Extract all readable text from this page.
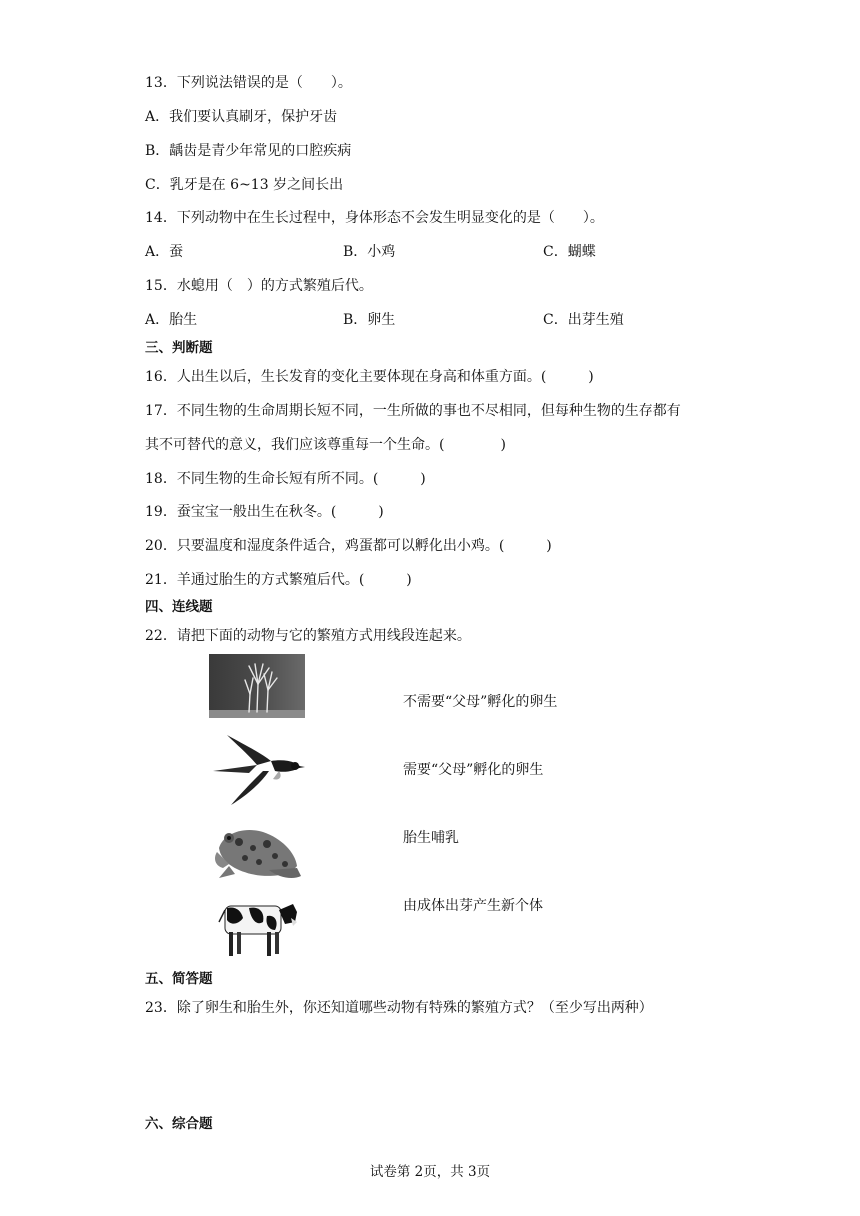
13．下列说法错误的是（　　）。
A．我们要认真刷牙，保护牙齿
B．龋齿是青少年常见的口腔疾病
C．乳牙是在 6~13 岁之间长出
14．下列动物中在生长过程中，身体形态不会发生明显变化的是（　　）。
A．蚕	B．小鸡	C．蝴蝶
15．水螅用（　）的方式繁殖后代。
A．胎生	B．卵生	C．出芽生殖
三、判断题
16．人出生以后，生长发育的变化主要体现在身高和体重方面。(　　　)
17．不同生物的生命周期长短不同，一生所做的事也不尽相同，但每种生物的生存都有
其不可替代的意义，我们应该尊重每一个生命。(　　　　)
18．不同生物的生命长短有所不同。(　　　)
19．蚕宝宝一般出生在秋冬。(　　　)
20．只要温度和湿度条件适合，鸡蛋都可以孵化出小鸡。(　　　)
21．羊通过胎生的方式繁殖后代。(　　　)
四、连线题
22．请把下面的动物与它的繁殖方式用线段连起来。
不需要“父母”孵化的卵生
需要“父母”孵化的卵生
胎生哺乳
由成体出芽产生新个体
五、简答题
23．除了卵生和胎生外，你还知道哪些动物有特殊的繁殖方式？（至少写出两种）
六、综合题
试卷第 2页，共 3页
